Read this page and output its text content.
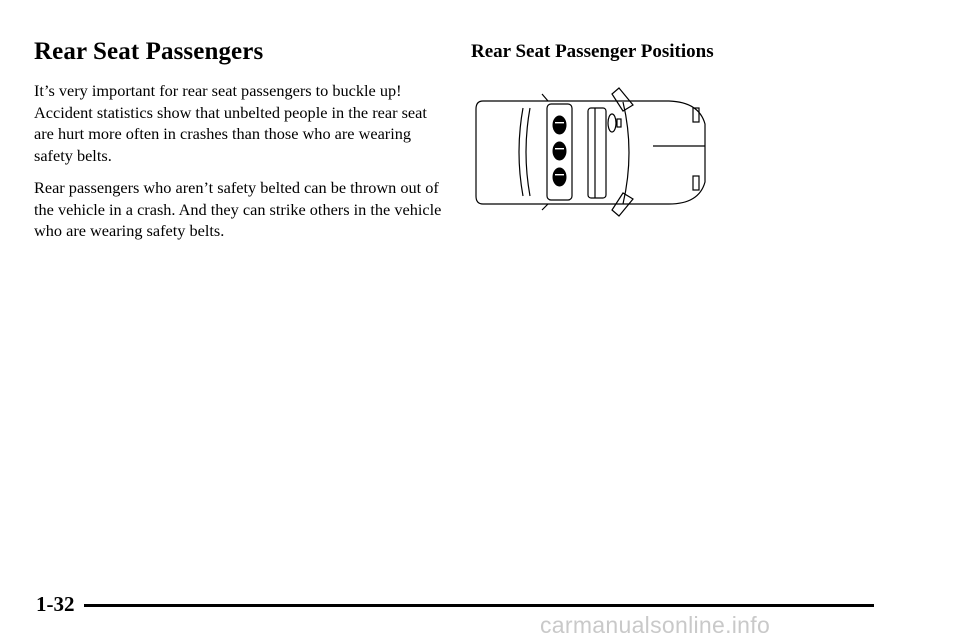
Rear Seat Passengers

It’s very important for rear seat passengers to buckle up! Accident statistics show that unbelted people in the rear seat are hurt more often in crashes than those who are wearing safety belts.

Rear passengers who aren’t safety belted can be thrown out of the vehicle in a crash. And they can strike others in the vehicle who are wearing safety belts.

Rear Seat Passenger Positions
1-32
carmanualsonline.info
